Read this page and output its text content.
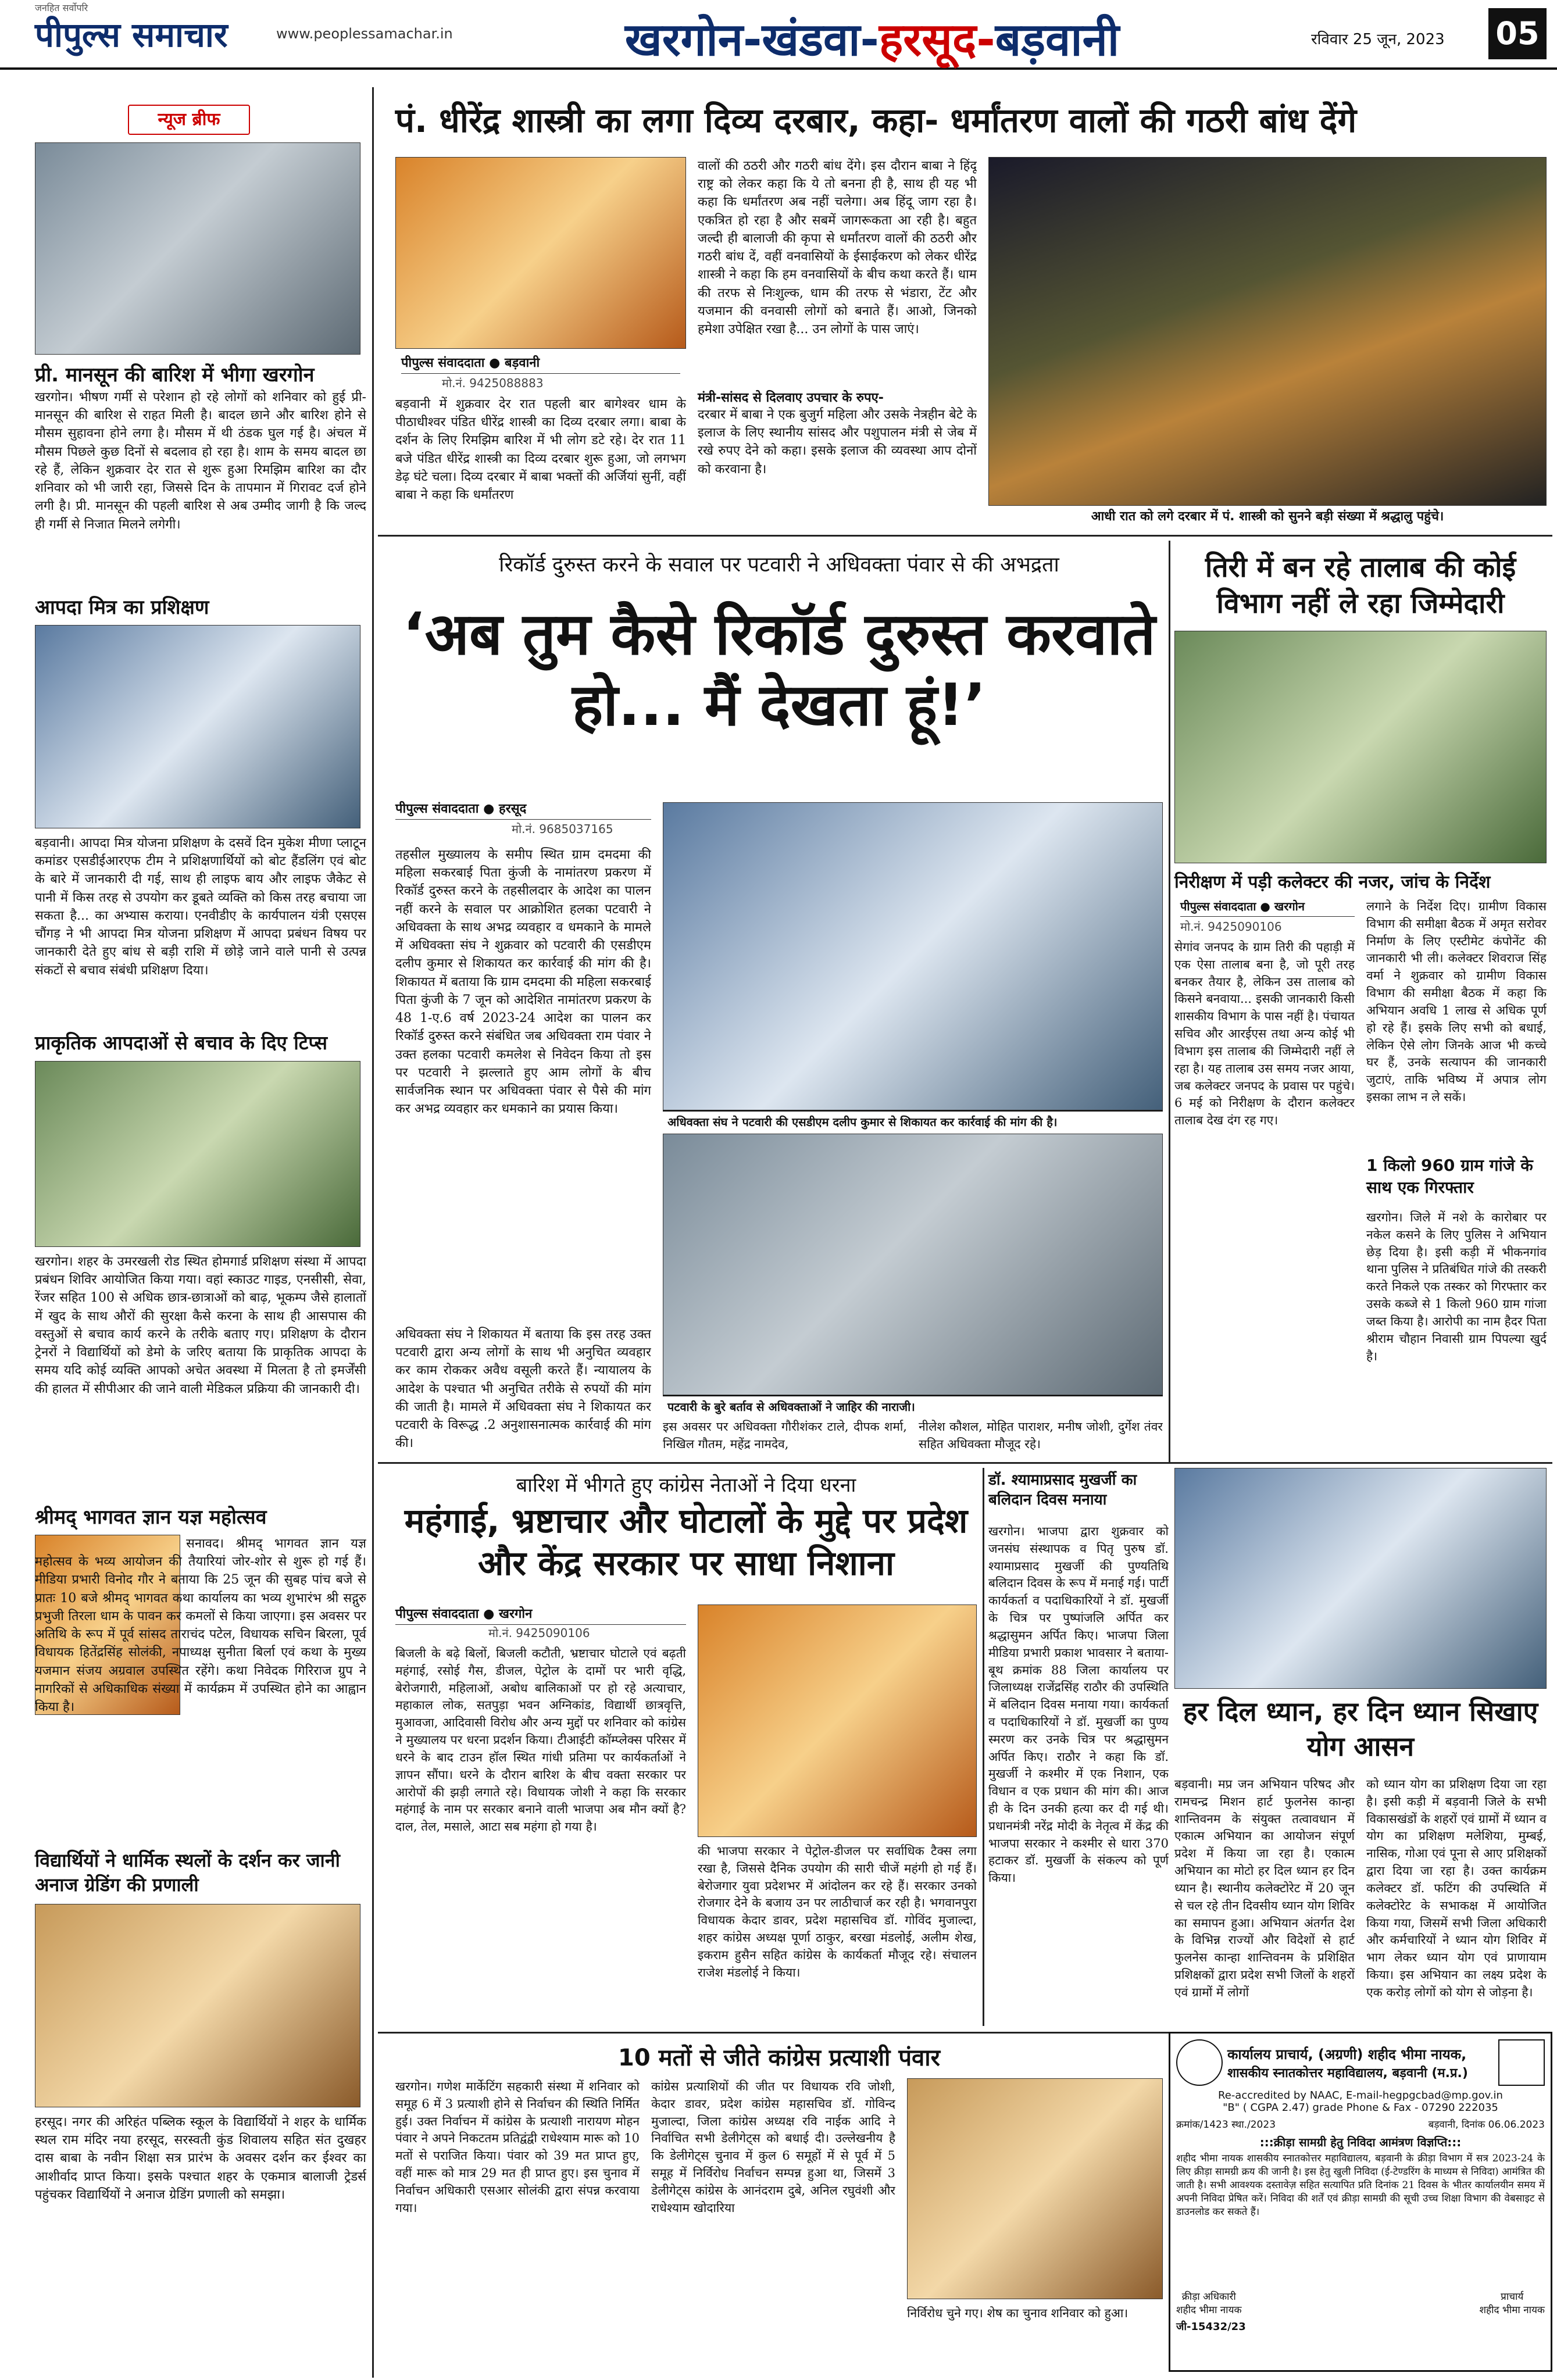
जनहित सर्वोपरि
पीपुल्स समाचार	www.peoplessamachar.in	खरगोन-खंडवा-हरसूद-बड़वानी	रविवार 25 जून, 2023 05
न्यूज ब्रीफ
प्री. मानसून की बारिश में भीगा खरगोन
खरगोन। भीषण गर्मी से परेशान हो रहे लोगों को शनिवार को हुई प्री- मानसून की बारिश से राहत मिली है। बादल छाने और बारिश होने से मौसम सुहावना होने लगा है। मौसम में थी ठंडक घुल गई है। अंचल में मौसम पिछले कुछ दिनों से बदलाव हो रहा है। शाम के समय बादल छा रहे हैं, लेकिन शुक्रवार देर रात से शुरू हुआ रिमझिम बारिश का दौर शनिवार को भी जारी रहा, जिससे दिन के तापमान में गिरावट दर्ज होने लगी है। प्री. मानसून की पहली बारिश से अब उम्मीद जागी है कि जल्द ही गर्मी से निजात मिलने लगेगी।
आपदा मित्र का प्रशिक्षण
बड़वानी। आपदा मित्र योजना प्रशिक्षण के दसवें दिन मुकेश मीणा प्लाटून कमांडर एसडीईआरएफ टीम ने प्रशिक्षणार्थियों को बोट हैंडलिंग एवं बोट के बारे में जानकारी दी गई, साथ ही लाइफ बाय और लाइफ जैकेट से पानी में किस तरह से उपयोग कर डूबते व्यक्ति को किस तरह बचाया जा सकता है... का अभ्यास कराया। एनवीडीए के कार्यपालन यंत्री एसएस चौंगड़ ने भी आपदा मित्र योजना प्रशिक्षण में आपदा प्रबंधन विषय पर जानकारी देते हुए बांध से बड़ी राशि में छोड़े जाने वाले पानी से उत्पन्न संकटों से बचाव संबंधी प्रशिक्षण दिया।
प्राकृतिक आपदाओं से बचाव के दिए टिप्स
खरगोन। शहर के उमरखली रोड स्थित होमगार्ड प्रशिक्षण संस्था में आपदा प्रबंधन शिविर आयोजित किया गया। वहां स्काउट गाइड, एनसीसी, सेवा, रेंजर सहित 100 से अधिक छात्र-छात्राओं को बाढ़, भूकम्प जैसे हालातों में खुद के साथ औरों की सुरक्षा कैसे करना के साथ ही आसपास की वस्तुओं से बचाव कार्य करने के तरीके बताए गए। प्रशिक्षण के दौरान ट्रेनरों ने विद्यार्थियों को डेमो के जरिए बताया कि प्राकृतिक आपदा के समय यदि कोई व्यक्ति आपको अचेत अवस्था में मिलता है तो इमर्जेंसी की हालत में सीपीआर की जाने वाली मेडिकल प्रक्रिया की जानकारी दी।
श्रीमद् भागवत ज्ञान यज्ञ महोत्सव
सनावद। श्रीमद् भागवत ज्ञान यज्ञ महोत्सव के भव्य आयोजन की तैयारियां जोर-शोर से शुरू हो गई हैं। मीडिया प्रभारी विनोद गौर ने बताया कि 25 जून की सुबह पांच बजे से प्रातः 10 बजे श्रीमद् भागवत कथा कार्यालय का भव्य शुभारंभ श्री सद्गुरु प्रभुजी तिरला धाम के पावन कर कमलों से किया जाएगा। इस अवसर पर अतिथि के रूप में पूर्व सांसद ताराचंद पटेल, विधायक सचिन बिरला, पूर्व विधायक हितेंद्रसिंह सोलंकी, नपाध्यक्ष सुनीता बिर्ला एवं कथा के मुख्य यजमान संजय अग्रवाल उपस्थित रहेंगे। कथा निवेदक गिरिराज ग्रुप ने नागरिकों से अधिकाधिक संख्या में कार्यक्रम में उपस्थित होने का आह्वान किया है।
विद्यार्थियों ने धार्मिक स्थलों के दर्शन कर जानी अनाज ग्रेडिंग की प्रणाली
हरसूद। नगर की अरिहंत पब्लिक स्कूल के विद्यार्थियों ने शहर के धार्मिक स्थल राम मंदिर नया हरसूद, सरस्वती कुंड शिवालय सहित संत दुखहर दास बाबा के नवीन शिक्षा सत्र प्रारंभ के अवसर दर्शन कर ईश्वर का आशीर्वाद प्राप्त किया। इसके पश्चात शहर के एकमात्र बालाजी ट्रेडर्स पहुंचकर विद्यार्थियों ने अनाज ग्रेडिंग प्रणाली को समझा।
पं. धीरेंद्र शास्त्री का लगा दिव्य दरबार, कहा- धर्मांतरण वालों की गठरी बांध देंगे
पीपुल्स संवाददाता ● बड़वानी
मो.नं. 9425088883
बड़वानी में शुक्रवार देर रात पहली बार बागेश्वर धाम के पीठाधीश्वर पंडित धीरेंद्र शास्त्री का दिव्य दरबार लगा। बाबा के दर्शन के लिए रिमझिम बारिश में भी लोग डटे रहे। देर रात 11 बजे पंडित धीरेंद्र शास्त्री का दिव्य दरबार शुरू हुआ, जो लगभग डेढ़ घंटे चला। दिव्य दरबार में बाबा भक्तों की अर्जियां सुनीं, वहीं बाबा ने कहा कि धर्मांतरण
वालों की ठठरी और गठरी बांध देंगे। इस दौरान बाबा ने हिंदू राष्ट्र को लेकर कहा कि ये तो बनना ही है, साथ ही यह भी कहा कि धर्मांतरण अब नहीं चलेगा। अब हिंदू जाग रहा है। एकत्रित हो रहा है और सबमें जागरूकता आ रही है। बहुत जल्दी ही बालाजी की कृपा से धर्मांतरण वालों की ठठरी और गठरी बांध दें, वहीं वनवासियों के ईसाईकरण को लेकर धीरेंद्र शास्त्री ने कहा कि हम वनवासियों के बीच कथा करते हैं। धाम की तरफ से निःशुल्क, धाम की तरफ से भंडारा, टेंट और यजमान की वनवासी लोगों को बनाते हैं। आओ, जिनको हमेशा उपेक्षित रखा है... उन लोगों के पास जाएं।
मंत्री-सांसद से दिलवाए उपचार के रुपए-
दरबार में बाबा ने एक बुजुर्ग महिला और उसके नेत्रहीन बेटे के इलाज के लिए स्थानीय सांसद और पशुपालन मंत्री से जेब में रखे रुपए देने को कहा। इसके इलाज की व्यवस्था आप दोनों को करवाना है।
आधी रात को लगे दरबार में पं. शास्त्री को सुनने बड़ी संख्या में श्रद्धालु पहुंचे।
रिकॉर्ड दुरुस्त करने के सवाल पर पटवारी ने अधिवक्ता पंवार से की अभद्रता
‘अब तुम कैसे रिकॉर्ड दुरुस्त करवाते हो... मैं देखता हूं!’
पीपुल्स संवाददाता ● हरसूद
मो.नं. 9685037165
तहसील मुख्यालय के समीप स्थित ग्राम दमदमा की महिला सकरबाई पिता कुंजी के नामांतरण प्रकरण में रिकॉर्ड दुरुस्त करने के तहसीलदार के आदेश का पालन नहीं करने के सवाल पर आक्रोशित हलका पटवारी ने अधिवक्ता के साथ अभद्र व्यवहार व धमकाने के मामले में अधिवक्ता संघ ने शुक्रवार को पटवारी की एसडीएम दलीप कुमार से शिकायत कर कार्रवाई की मांग की है। शिकायत में बताया कि ग्राम दमदमा की महिला सकरबाई पिता कुंजी के 7 जून को आदेशित नामांतरण प्रकरण के 48 1-ए.6 वर्ष 2023-24 आदेश का पालन कर रिकॉर्ड दुरुस्त करने संबंधित जब अधिवक्ता राम पंवार ने उक्त हलका पटवारी कमलेश से निवेदन किया तो इस पर पटवारी ने झल्लाते हुए आम लोगों के बीच सार्वजनिक स्थान पर अधिवक्ता पंवार से पैसे की मांग कर अभद्र व्यवहार कर धमकाने का प्रयास किया।
अधिवक्ता संघ ने शिकायत में बताया कि इस तरह उक्त पटवारी द्वारा अन्य लोगों के साथ भी अनुचित व्यवहार कर काम रोककर अवैध वसूली करते हैं। न्यायालय के आदेश के पश्चात भी अनुचित तरीके से रुपयों की मांग की जाती है। मामले में अधिवक्ता संघ ने शिकायत कर पटवारी के विरूद्ध .2 अनुशासनात्मक कार्रवाई की मांग की।
अधिवक्ता संघ ने पटवारी की एसडीएम दलीप कुमार से शिकायत कर कार्रवाई की मांग की है।
पटवारी के बुरे बर्ताव से अधिवक्ताओं ने जाहिर की नाराजी।
इस अवसर पर अधिवक्ता गौरीशंकर टाले, दीपक शर्मा, निखिल गौतम, महेंद्र नामदेव,
नीलेश कौशल, मोहित पाराशर, मनीष जोशी, दुर्गेश तंवर सहित अधिवक्ता मौजूद रहे।
तिरी में बन रहे तालाब की कोई विभाग नहीं ले रहा जिम्मेदारी
निरीक्षण में पड़ी कलेक्टर की नजर, जांच के निर्देश
पीपुल्स संवाददाता ● खरगोन
मो.नं. 9425090106
सेगांव जनपद के ग्राम तिरी की पहाड़ी में एक ऐसा तालाब बना है, जो पूरी तरह बनकर तैयार है, लेकिन उस तालाब को किसने बनवाया... इसकी जानकारी किसी शासकीय विभाग के पास नहीं है। पंचायत सचिव और आरईएस तथा अन्य कोई भी विभाग इस तालाब की जिम्मेदारी नहीं ले रहा है। यह तालाब उस समय नजर आया, जब कलेक्टर जनपद के प्रवास पर पहुंचे। 6 मई को निरीक्षण के दौरान कलेक्टर तालाब देख दंग रह गए।
लगाने के निर्देश दिए। ग्रामीण विकास विभाग की समीक्षा बैठक में अमृत सरोवर निर्माण के लिए एस्टीमेट कंपोनेंट की जानकारी भी ली। कलेक्टर शिवराज सिंह वर्मा ने शुक्रवार को ग्रामीण विकास विभाग की समीक्षा बैठक में कहा कि अभियान अवधि 1 लाख से अधिक पूर्ण हो रहे हैं। इसके लिए सभी को बधाई, लेकिन ऐसे लोग जिनके आज भी कच्चे घर हैं, उनके सत्यापन की जानकारी जुटाएं, ताकि भविष्य में अपात्र लोग इसका लाभ न ले सकें।
1 किलो 960 ग्राम गांजे के साथ एक गिरफ्तार
खरगोन। जिले में नशे के कारोबार पर नकेल कसने के लिए पुलिस ने अभियान छेड़ दिया है। इसी कड़ी में भीकनगांव थाना पुलिस ने प्रतिबंधित गांजे की तस्करी करते निकले एक तस्कर को गिरफ्तार कर उसके कब्जे से 1 किलो 960 ग्राम गांजा जब्त किया है। आरोपी का नाम हैदर पिता श्रीराम चौहान निवासी ग्राम पिपल्या खुर्द है।
बारिश में भीगते हुए कांग्रेस नेताओं ने दिया धरना
महंगाई, भ्रष्टाचार और घोटालों के मुद्दे पर प्रदेश और केंद्र सरकार पर साधा निशाना
पीपुल्स संवाददाता ● खरगोन
मो.नं. 9425090106
बिजली के बढ़े बिलों, बिजली कटौती, भ्रष्टाचार घोटाले एवं बढ़ती महंगाई, रसोई गैस, डीजल, पेट्रोल के दामों पर भारी वृद्धि, बेरोजगारी, महिलाओं, अबोध बालिकाओं पर हो रहे अत्याचार, महाकाल लोक, सतपुड़ा भवन अग्निकांड, विद्यार्थी छात्रवृत्ति, मुआवजा, आदिवासी विरोध और अन्य मुद्दों पर शनिवार को कांग्रेस ने मुख्यालय पर धरना प्रदर्शन किया। टीआईटी कॉम्प्लेक्स परिसर में धरने के बाद टाउन हॉल स्थित गांधी प्रतिमा पर कार्यकर्ताओं ने ज्ञापन सौंपा। धरने के दौरान बारिश के बीच वक्ता सरकार पर आरोपों की झड़ी लगाते रहे। विधायक जोशी ने कहा कि सरकार महंगाई के नाम पर सरकार बनाने वाली भाजपा अब मौन क्यों है? दाल, तेल, मसाले, आटा सब महंगा हो गया है।
की भाजपा सरकार ने पेट्रोल-डीजल पर सर्वाधिक टैक्स लगा रखा है, जिससे दैनिक उपयोग की सारी चीजें महंगी हो गई हैं। बेरोजगार युवा प्रदेशभर में आंदोलन कर रहे हैं। सरकार उनको रोजगार देने के बजाय उन पर लाठीचार्ज कर रही है। भगवानपुरा विधायक केदार डावर, प्रदेश महासचिव डॉ. गोविंद मुजाल्दा, शहर कांग्रेस अध्यक्ष पूर्णा ठाकुर, बरखा मंडलोई, अलीम शेख, इकराम हुसैन सहित कांग्रेस के कार्यकर्ता मौजूद रहे। संचालन राजेश मंडलोई ने किया।
डॉ. श्यामाप्रसाद मुखर्जी का बलिदान दिवस मनाया
खरगोन। भाजपा द्वारा शुक्रवार को जनसंघ संस्थापक व पितृ पुरुष डॉ. श्यामाप्रसाद मुखर्जी की पुण्यतिथि बलिदान दिवस के रूप में मनाई गई। पार्टी कार्यकर्ता व पदाधिकारियों ने डॉ. मुखर्जी के चित्र पर पुष्पांजलि अर्पित कर श्रद्धासुमन अर्पित किए। भाजपा जिला मीडिया प्रभारी प्रकाश भावसार ने बताया- बूथ क्रमांक 88 जिला कार्यालय पर जिलाध्यक्ष राजेंद्रसिंह राठौर की उपस्थिति में बलिदान दिवस मनाया गया। कार्यकर्ता व पदाधिकारियों ने डॉ. मुखर्जी का पुण्य स्मरण कर उनके चित्र पर श्रद्धासुमन अर्पित किए। राठौर ने कहा कि डॉ. मुखर्जी ने कश्मीर में एक निशान, एक विधान व एक प्रधान की मांग की। आज ही के दिन उनकी हत्या कर दी गई थी। प्रधानमंत्री नरेंद्र मोदी के नेतृत्व में केंद्र की भाजपा सरकार ने कश्मीर से धारा 370 हटाकर डॉ. मुखर्जी के संकल्प को पूर्ण किया।
हर दिल ध्यान, हर दिन ध्यान सिखाए योग आसन
बड़वानी। मप्र जन अभियान परिषद और रामचन्द्र मिशन हार्ट फुलनेस कान्हा शान्तिवनम के संयुक्त तत्वावधान में एकात्म अभियान का आयोजन संपूर्ण प्रदेश में किया जा रहा है। एकात्म अभियान का मोटो हर दिल ध्यान हर दिन ध्यान है। स्थानीय कलेक्टोरेट में 20 जून से चल रहे तीन दिवसीय ध्यान योग शिविर का समापन हुआ। अभियान अंतर्गत देश के विभिन्न राज्यों और विदेशों से हार्ट फुलनेस कान्हा शान्तिवनम के प्रशिक्षित प्रशिक्षकों द्वारा प्रदेश सभी जिलों के शहरों एवं ग्रामों में लोगों
को ध्यान योग का प्रशिक्षण दिया जा रहा है। इसी कड़ी में बड़वानी जिले के सभी विकासखंडों के शहरों एवं ग्रामों में ध्यान व योग का प्रशिक्षण मलेशिया, मुम्बई, नासिक, गोआ एवं पूना से आए प्रशिक्षकों द्वारा दिया जा रहा है। उक्त कार्यक्रम कलेक्टर डॉ. फटिंग की उपस्थिति में कलेक्टोरेट के सभाकक्ष में आयोजित किया गया, जिसमें सभी जिला अधिकारी और कर्मचारियों ने ध्यान योग शिविर में भाग लेकर ध्यान योग एवं प्राणायाम किया। इस अभियान का लक्ष्य प्रदेश के एक करोड़ लोगों को योग से जोड़ना है।
10 मतों से जीते कांग्रेस प्रत्याशी पंवार
खरगोन। गणेश मार्केटिंग सहकारी संस्था में शनिवार को समूह 6 में 3 प्रत्याशी होने से निर्वाचन की स्थिति निर्मित हुई। उक्त निर्वाचन में कांग्रेस के प्रत्याशी नारायण मोहन पंवार ने अपने निकटतम प्रतिद्वंद्वी राधेश्याम मारू को 10 मतों से पराजित किया। पंवार को 39 मत प्राप्त हुए, वहीं मारू को मात्र 29 मत ही प्राप्त हुए। इस चुनाव में निर्वाचन अधिकारी एसआर सोलंकी द्वारा संपन्न करवाया गया।
कांग्रेस प्रत्याशियों की जीत पर विधायक रवि जोशी, केदार डावर, प्रदेश कांग्रेस महासचिव डॉ. गोविन्द मुजाल्दा, जिला कांग्रेस अध्यक्ष रवि नाईक आदि ने निर्वाचित सभी डेलीगेट्स को बधाई दी। उल्लेखनीय है कि डेलीगेट्स चुनाव में कुल 6 समूहों में से पूर्व में 5 समूह में निर्विरोध निर्वाचन सम्पन्न हुआ था, जिसमें 3 डेलीगेट्स कांग्रेस के आनंदराम दुबे, अनिल रघुवंशी और राधेश्याम खोदारिया
निर्विरोध चुने गए। शेष का चुनाव शनिवार को हुआ।
कार्यालय प्राचार्य, (अग्रणी) शहीद भीमा नायक,
शासकीय स्नातकोत्तर महाविद्यालय, बड़वानी (म.प्र.)
Re-accredited by NAAC, E-mail-hegpgcbad@mp.gov.in
"B" ( CGPA 2.47) grade Phone & Fax - 07290 222035
क्रमांक/1423 स्था./2023	बड़वानी, दिनांक 06.06.2023
:::क्रीड़ा सामग्री हेतु निविदा आमंत्रण विज्ञप्ति:::
शहीद भीमा नायक शासकीय स्नातकोत्तर महाविद्यालय, बड़वानी के क्रीड़ा विभाग में सत्र 2023-24 के लिए क्रीड़ा सामग्री क्रय की जानी है। इस हेतु खुली निविदा (ई-टेण्डरिंग के माध्यम से निविदा) आमंत्रित की जाती है। सभी आवश्यक दस्तावेज़ सहित सत्यापित प्रति दिनांक 21 दिवस के भीतर कार्यालयीन समय में अपनी निविदा प्रेषित करें। निविदा की शर्तें एवं क्रीड़ा सामग्री की सूची उच्च शिक्षा विभाग की वेबसाइट से डाउनलोड कर सकते हैं।
क्रीड़ा अधिकारी
शहीद भीमा नायक
प्राचार्य
शहीद भीमा नायक
जी-15432/23
